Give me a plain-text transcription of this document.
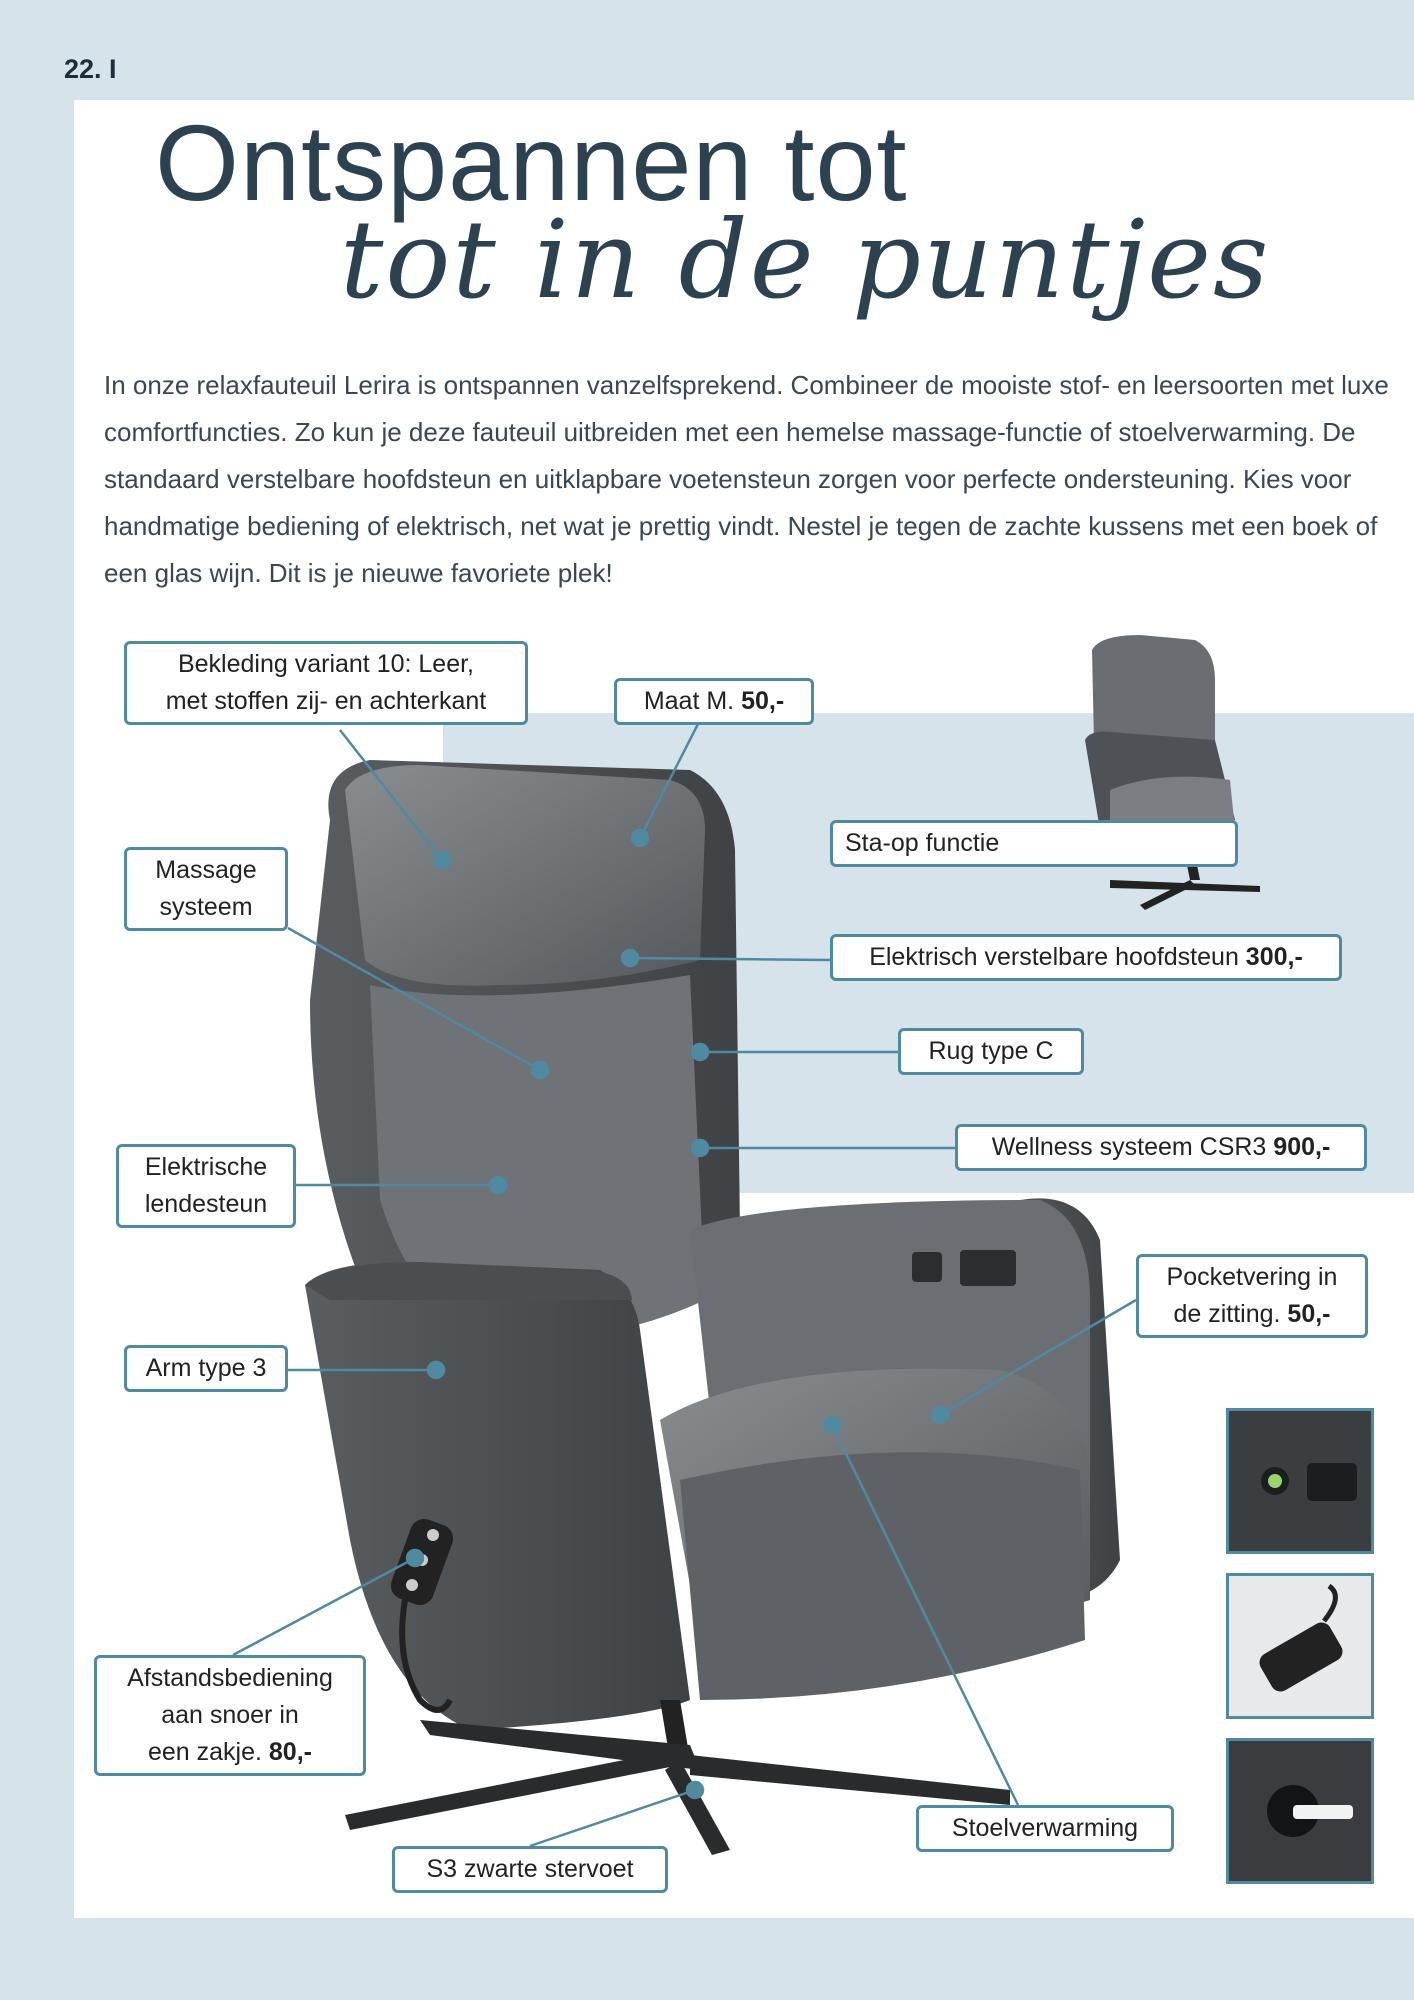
22. I
Ontspannen tot
tot in de puntjes

In onze relaxfauteuil Lerira is ontspannen vanzelfsprekend. Combineer de mooiste stof- en leersoorten met luxe comfortfuncties. Zo kun je deze fauteuil uitbreiden met een hemelse massage-functie of stoelverwarming. De standaard verstelbare hoofdsteun en uitklapbare voetensteun zorgen voor perfecte ondersteuning. Kies voor handmatige bediening of elektrisch, net wat je prettig vindt. Nestel je tegen de zachte kussens met een boek of een glas wijn. Dit is je nieuwe favoriete plek!

Bekleding variant 10: Leer,
met stoffen zij- en achterkant	Maat M. 50,-
Massage
systeem
Sta-op functie
Elektrisch verstelbare hoofdsteun 300,-
Rug type C
Wellness systeem CSR3 900,-
Elektrische
lendesteun
Pocketvering in
de zitting. 50,-
Arm type 3
Afstandsbediening
aan snoer in
een zakje. 80,-
Stoelverwarming
S3 zwarte stervoet
